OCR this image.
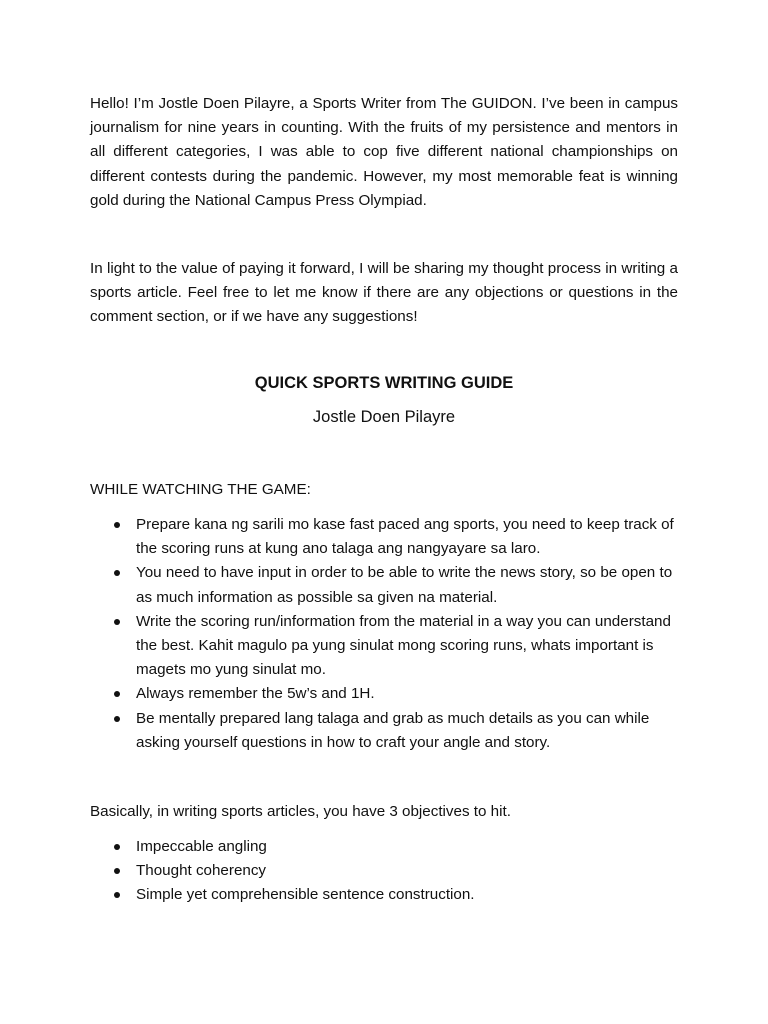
Hello! I’m Jostle Doen Pilayre, a Sports Writer from The GUIDON. I’ve been in campus journalism for nine years in counting. With the fruits of my persistence and mentors in all different categories, I was able to cop five different national championships on different contests during the pandemic. However, my most memorable feat is winning gold during the National Campus Press Olympiad.

In light to the value of paying it forward, I will be sharing my thought process in writing a sports article. Feel free to let me know if there are any objections or questions in the comment section, or if we have any suggestions!

QUICK SPORTS WRITING GUIDE

Jostle Doen Pilayre

WHILE WATCHING THE GAME:

Prepare kana ng sarili mo kase fast paced ang sports, you need to keep track of the scoring runs at kung ano talaga ang nangyayare sa laro.
You need to have input in order to be able to write the news story, so be open to as much information as possible sa given na material.
Write the scoring run/information from the material in a way you can understand the best. Kahit magulo pa yung sinulat mong scoring runs, whats important is magets mo yung sinulat mo.
Always remember the 5w’s and 1H.
Be mentally prepared lang talaga and grab as much details as you can while asking yourself questions in how to craft your angle and story.

Basically, in writing sports articles, you have 3 objectives to hit.

Impeccable angling
Thought coherency
Simple yet comprehensible sentence construction.
